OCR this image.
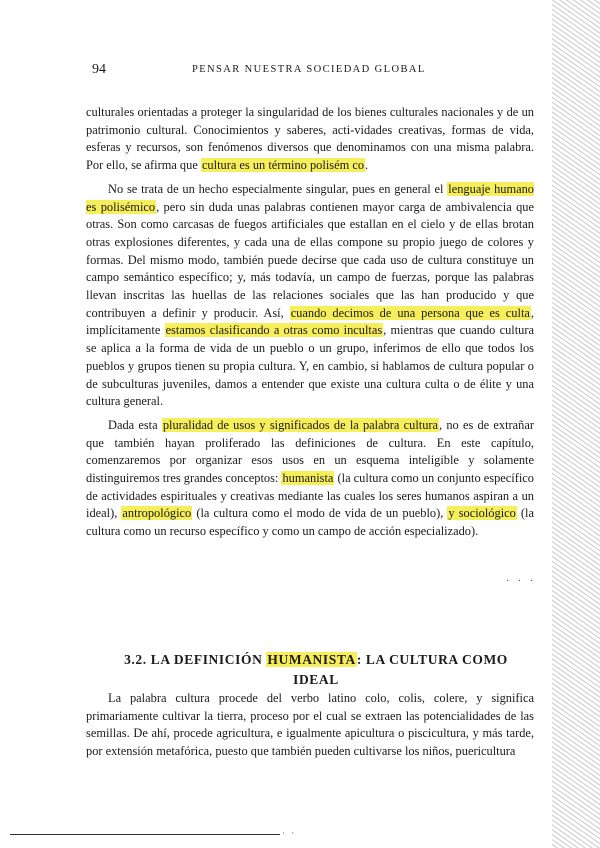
94	PENSAR NUESTRA SOCIEDAD GLOBAL

culturales orientadas a proteger la singularidad de los bienes culturales nacionales y de un patrimonio cultural. Conocimientos y saberes, acti-vidades creativas, formas de vida, esferas y recursos, son fenómenos diversos que denominamos con una misma palabra. Por ello, se afirma que cultura es un término polisém co.

No se trata de un hecho especialmente singular, pues en general el lenguaje humano es polisémico, pero sin duda unas palabras contienen mayor carga de ambivalencia que otras. Son como carcasas de fuegos artificiales que estallan en el cielo y de ellas brotan otras explosiones diferentes, y cada una de ellas compone su propio juego de colores y formas. Del mismo modo, también puede decirse que cada uso de cultura constituye un campo semántico específico; y, más todavía, un campo de fuerzas, porque las palabras llevan inscritas las huellas de las relaciones sociales que las han producido y que contribuyen a definir y producir. Así, cuando decimos de una persona que es culta, implícitamente estamos clasificando a otras como incultas, mientras que cuando cultura se aplica a la forma de vida de un pueblo o un grupo, inferimos de ello que todos los pueblos y grupos tienen su propia cultura. Y, en cambio, si hablamos de cultura popular o de subculturas juveniles, damos a entender que existe una cultura culta o de élite y una cultura general.

Dada esta pluralidad de usos y significados de la palabra cultura, no es de extrañar que también hayan proliferado las definiciones de cultura. En este capítulo, comenzaremos por organizar esos usos en un esquema inteligible y solamente distinguiremos tres grandes conceptos: humanista (la cultura como un conjunto específico de actividades espirituales y creativas mediante las cuales los seres humanos aspiran a un ideal), antropológico (la cultura como el modo de vida de un pueblo), y sociológico (la cultura como un recurso específico y como un campo de acción especializado).

· · ·
3.2. LA DEFINICIÓN HUMANISTA: LA CULTURA COMO
IDEAL

La palabra cultura procede del verbo latino colo, colis, colere, y significa primariamente cultivar la tierra, proceso por el cual se extraen las potencialidades de las semillas. De ahí, procede agricultura, e igualmente apicultura o piscicultura, y más tarde, por extensión metafórica, puesto que también pueden cultivarse los niños, puericultura

· ·
